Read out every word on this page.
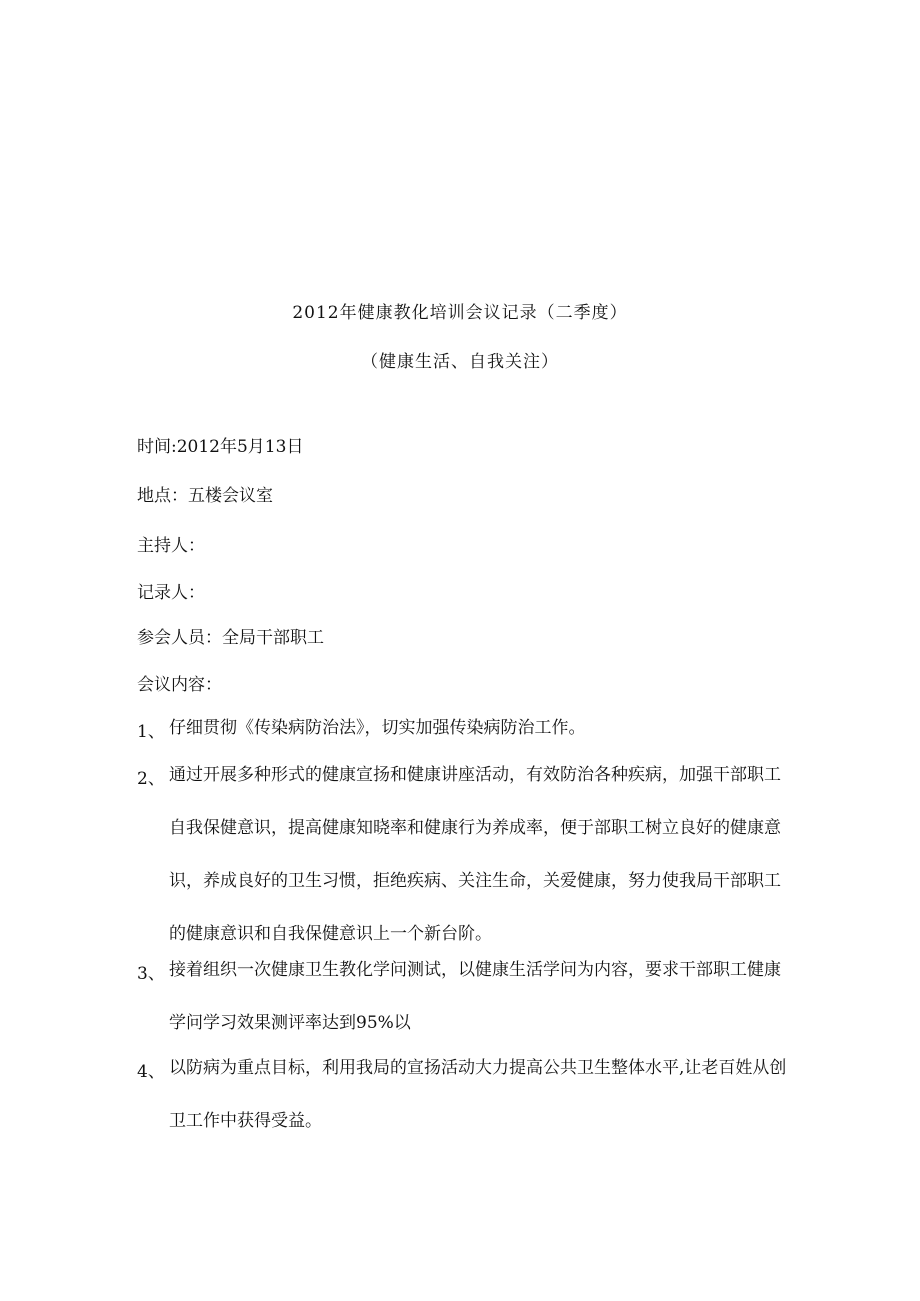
2012年健康教化培训会议记录（二季度）
（健康生活、自我关注）
时间:2012年5月13日
地点：五楼会议室
主持人：
记录人：
参会人员：全局干部职工
会议内容：
1、 仔细贯彻《传染病防治法》，切实加强传染病防治工作。
2、 通过开展多种形式的健康宣扬和健康讲座活动，有效防治各种疾病，加强干部职工自我保健意识，提高健康知晓率和健康行为养成率，便于部职工树立良好的健康意识，养成良好的卫生习惯，拒绝疾病、关注生命，关爱健康，努力使我局干部职工的健康意识和自我保健意识上一个新台阶。
3、 接着组织一次健康卫生教化学问测试，以健康生活学问为内容，要求干部职工健康学问学习效果测评率达到95%以
4、 以防病为重点目标，利用我局的宣扬活动大力提高公共卫生整体水平,让老百姓从创卫工作中获得受益。
